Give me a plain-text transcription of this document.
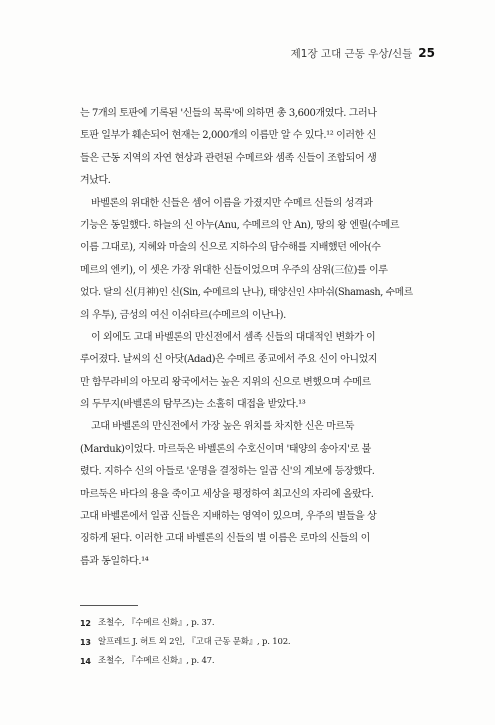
제1장 고대 근동 우상/신들 25
는 7개의 토판에 기록된 '신들의 목록'에 의하면 총 3,600개였다. 그러나
토판 일부가 훼손되어 현재는 2,000개의 이름만 알 수 있다.¹² 이러한 신
들은 근동 지역의 자연 현상과 관련된 수메르와 셈족 신들이 조합되어 생
겨났다.
바벨론의 위대한 신들은 셈어 이름을 가졌지만 수메르 신들의 성격과
기능은 동일했다. 하늘의 신 아누(Anu, 수메르의 안 An), 땅의 왕 엔릴(수메르
이름 그대로), 지혜와 마술의 신으로 지하수의 담수해를 지배했던 에아(수
메르의 엔키), 이 셋은 가장 위대한 신들이었으며 우주의 삼위(三位)를 이루
었다. 달의 신(月神)인 신(Sin, 수메르의 난나), 태양신인 샤마쉬(Shamash, 수메르
의 우투), 금성의 여신 이쉬타르(수메르의 이난나).
이 외에도 고대 바벨론의 만신전에서 셈족 신들의 대대적인 변화가 이
루어졌다. 날씨의 신 아닷(Adad)은 수메르 종교에서 주요 신이 아니었지
만 함무라비의 아모리 왕국에서는 높은 지위의 신으로 변했으며 수메르
의 두무지(바벨론의 탐무즈)는 소홀히 대접을 받았다.¹³
고대 바벨론의 만신전에서 가장 높은 위치를 차지한 신은 마르둑
(Marduk)이었다. 마르둑은 바벨론의 수호신이며 '태양의 송아지'로 불
렸다. 지하수 신의 아들로 '운명을 결정하는 일곱 신'의 계보에 등장했다.
마르둑은 바다의 용을 죽이고 세상을 평정하여 최고신의 자리에 올랐다.
고대 바벨론에서 일곱 신들은 지배하는 영역이 있으며, 우주의 별들을 상
징하게 된다. 이러한 고대 바벨론의 신들의 별 이름은 로마의 신들의 이
름과 동일하다.¹⁴
12 조철수, 『수메르 신화』, p. 37.
13 알프레드 J. 허트 외 2인, 『고대 근동 문화』, p. 102.
14 조철수, 『수메르 신화』, p. 47.
